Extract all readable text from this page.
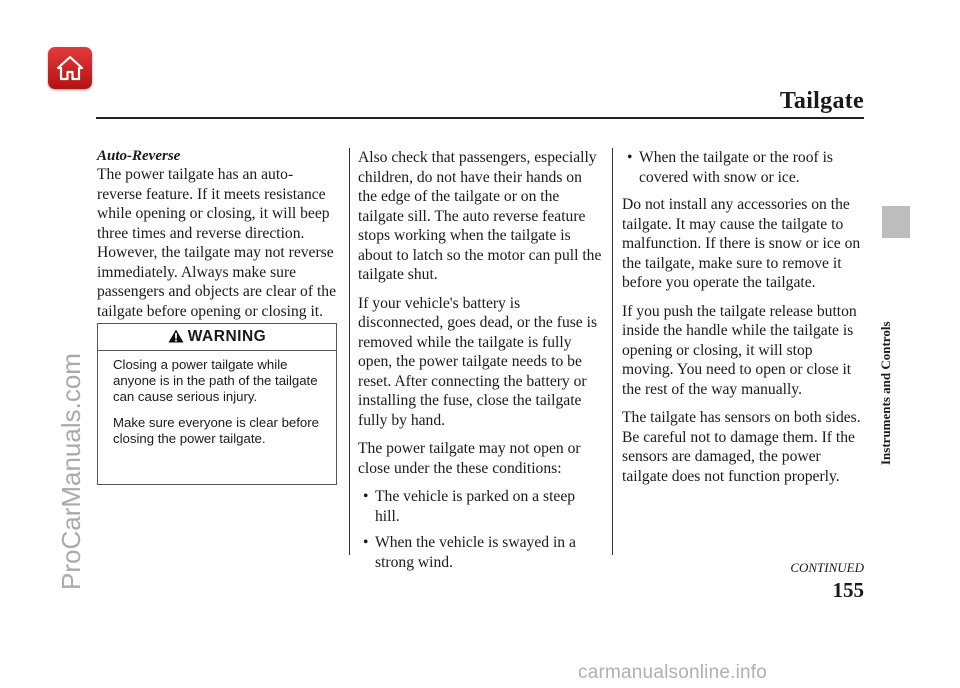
Tailgate
Instruments and Controls
Auto-Reverse

The power tailgate has an auto-reverse feature. If it meets resistance while opening or closing, it will beep three times and reverse direction. However, the tailgate may not reverse immediately. Always make sure passengers and objects are clear of the tailgate before opening or closing it.

WARNING

Closing a power tailgate while anyone is in the path of the tailgate can cause serious injury.

Make sure everyone is clear before closing the power tailgate.

Also check that passengers, especially children, do not have their hands on the edge of the tailgate or on the tailgate sill. The auto reverse feature stops working when the tailgate is about to latch so the motor can pull the tailgate shut.

If your vehicle's battery is disconnected, goes dead, or the fuse is removed while the tailgate is fully open, the power tailgate needs to be reset. After connecting the battery or installing the fuse, close the tailgate fully by hand.

The power tailgate may not open or close under the these conditions:

• The vehicle is parked on a steep hill.
• When the vehicle is swayed in a strong wind.
• When the tailgate or the roof is covered with snow or ice.

Do not install any accessories on the tailgate. It may cause the tailgate to malfunction. If there is snow or ice on the tailgate, make sure to remove it before you operate the tailgate.

If you push the tailgate release button inside the handle while the tailgate is opening or closing, it will stop moving. You need to open or close it the rest of the way manually.

The tailgate has sensors on both sides. Be careful not to damage them. If the sensors are damaged, the power tailgate does not function properly.

CONTINUED
155
ProCarManuals.com
carmanualsonline.info
